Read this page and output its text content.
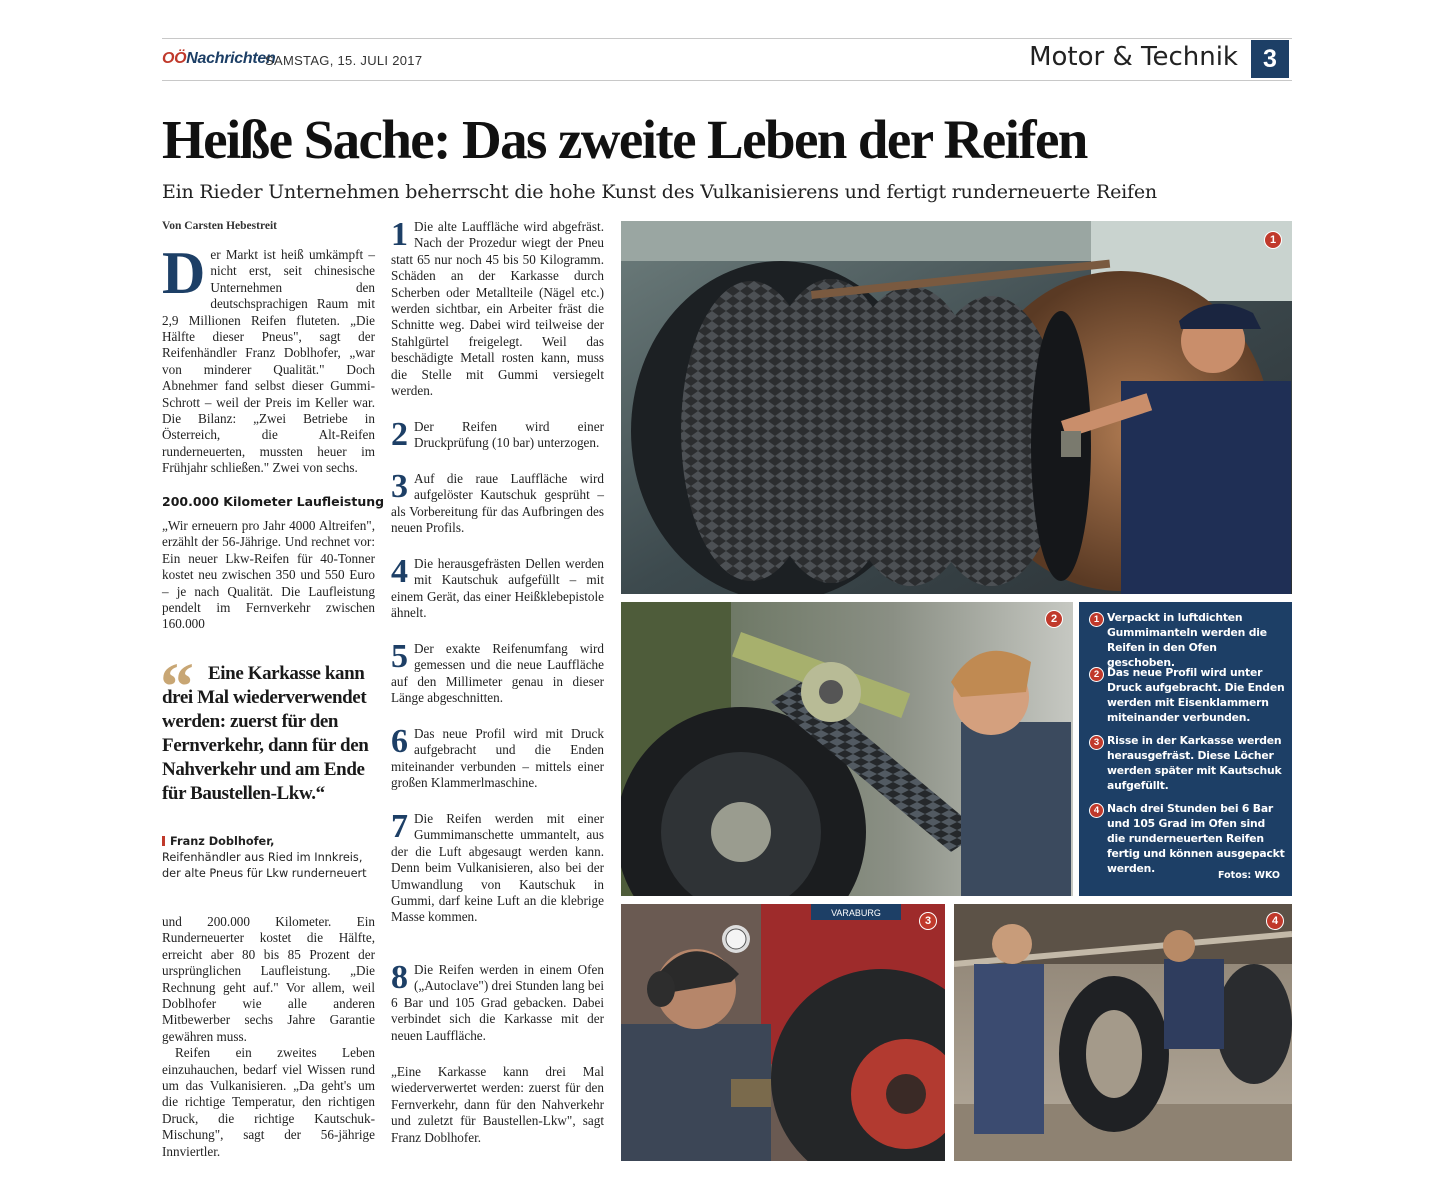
OÖNachrichten
SAMSTAG, 15. JULI 2017	Motor & Technik	3
Heiße Sache: Das zweite Leben der Reifen
Ein Rieder Unternehmen beherrscht die hohe Kunst des Vulkanisierens und fertigt runderneuerte Reifen
Von Carsten Hebestreit
D er Markt ist heiß umkämpft – nicht erst, seit chinesische Unternehmen den deutschsprachigen Raum mit 2,9 Millionen Reifen fluteten. „Die Hälfte dieser Pneus", sagt der Reifenhändler Franz Doblhofer, „war von minderer Qualität." Doch Abnehmer fand selbst dieser Gummi-Schrott – weil der Preis im Keller war. Die Bilanz: „Zwei Betriebe in Österreich, die Alt-Reifen runderneuerten, mussten heuer im Frühjahr schließen." Zwei von sechs.

200.000 Kilometer Laufleistung
„Wir erneuern pro Jahr 4000 Altreifen", erzählt der 56-Jährige. Und rechnet vor: Ein neuer Lkw-Reifen für 40-Tonner kostet neu zwischen 350 und 550 Euro – je nach Qualität. Die Laufleistung pendelt im Fernverkehr zwischen 160.000
“ Eine Karkasse kann drei Mal wiederverwendet werden: zuerst für den Fernverkehr, dann für den Nahverkehr und am Ende für Baustellen-Lkw.“
Franz Doblhofer,
Reifenhändler aus Ried im Innkreis, der alte Pneus für Lkw runderneuert

und 200.000 Kilometer. Ein Runderneuerter kostet die Hälfte, erreicht aber 80 bis 85 Prozent der ursprünglichen Laufleistung. „Die Rechnung geht auf." Vor allem, weil Doblhofer wie alle anderen Mitbewerber sechs Jahre Garantie gewähren muss.

Reifen ein zweites Leben einzuhauchen, bedarf viel Wissen rund um das Vulkanisieren. „Da geht's um die richtige Temperatur, den richtigen Druck, die richtige Kautschuk-Mischung", sagt der 56-jährige Innviertler.

1 Die alte Lauffläche wird abgefräst. Nach der Prozedur wiegt der Pneu statt 65 nur noch 45 bis 50 Kilogramm. Schäden an der Karkasse durch Scherben oder Metallteile (Nägel etc.) werden sichtbar, ein Arbeiter fräst die Schnitte weg. Dabei wird teilweise der Stahlgürtel freigelegt. Weil das beschädigte Metall rosten kann, muss die Stelle mit Gummi versiegelt werden.
2 Der Reifen wird einer Druckprüfung (10 bar) unterzogen.
3 Auf die raue Lauffläche wird aufgelöster Kautschuk gesprüht – als Vorbereitung für das Aufbringen des neuen Profils.
4 Die herausgefrästen Dellen werden mit Kautschuk aufgefüllt – mit einem Gerät, das einer Heißklebepistole ähnelt.
5 Der exakte Reifenumfang wird gemessen und die neue Lauffläche auf den Millimeter genau in dieser Länge abgeschnitten.
6 Das neue Profil wird mit Druck aufgebracht und die Enden miteinander verbunden – mittels einer großen Klammerlmaschine.
7 Die Reifen werden mit einer Gummimanschette ummantelt, aus der die Luft abgesaugt werden kann. Denn beim Vulkanisieren, also bei der Umwandlung von Kautschuk in Gummi, darf keine Luft an die klebrige Masse kommen.
8 Die Reifen werden in einem Ofen („Autoclave") drei Stunden lang bei 6 Bar und 105 Grad gebacken. Dabei verbindet sich die Karkasse mit der neuen Lauffläche.
„Eine Karkasse kann drei Mal wiederverwertet werden: zuerst für den Fernverkehr, dann für den Nahverkehr und zuletzt für Baustellen-Lkw", sagt Franz Doblhofer.
1
2	1 Verpackt in luftdichten Gummimanteln werden die Reifen in den Ofen geschoben.
2 Das neue Profil wird unter Druck aufgebracht. Die Enden werden mit Eisenklammern miteinander verbunden.
3 Risse in der Karkasse werden herausgefräst. Diese Löcher werden später mit Kautschuk aufgefüllt.
4 Nach drei Stunden bei 6 Bar und 105 Grad im Ofen sind die runderneuerten Reifen fertig und können ausgepackt werden.
Fotos: WKO
VARABURG
3	4
